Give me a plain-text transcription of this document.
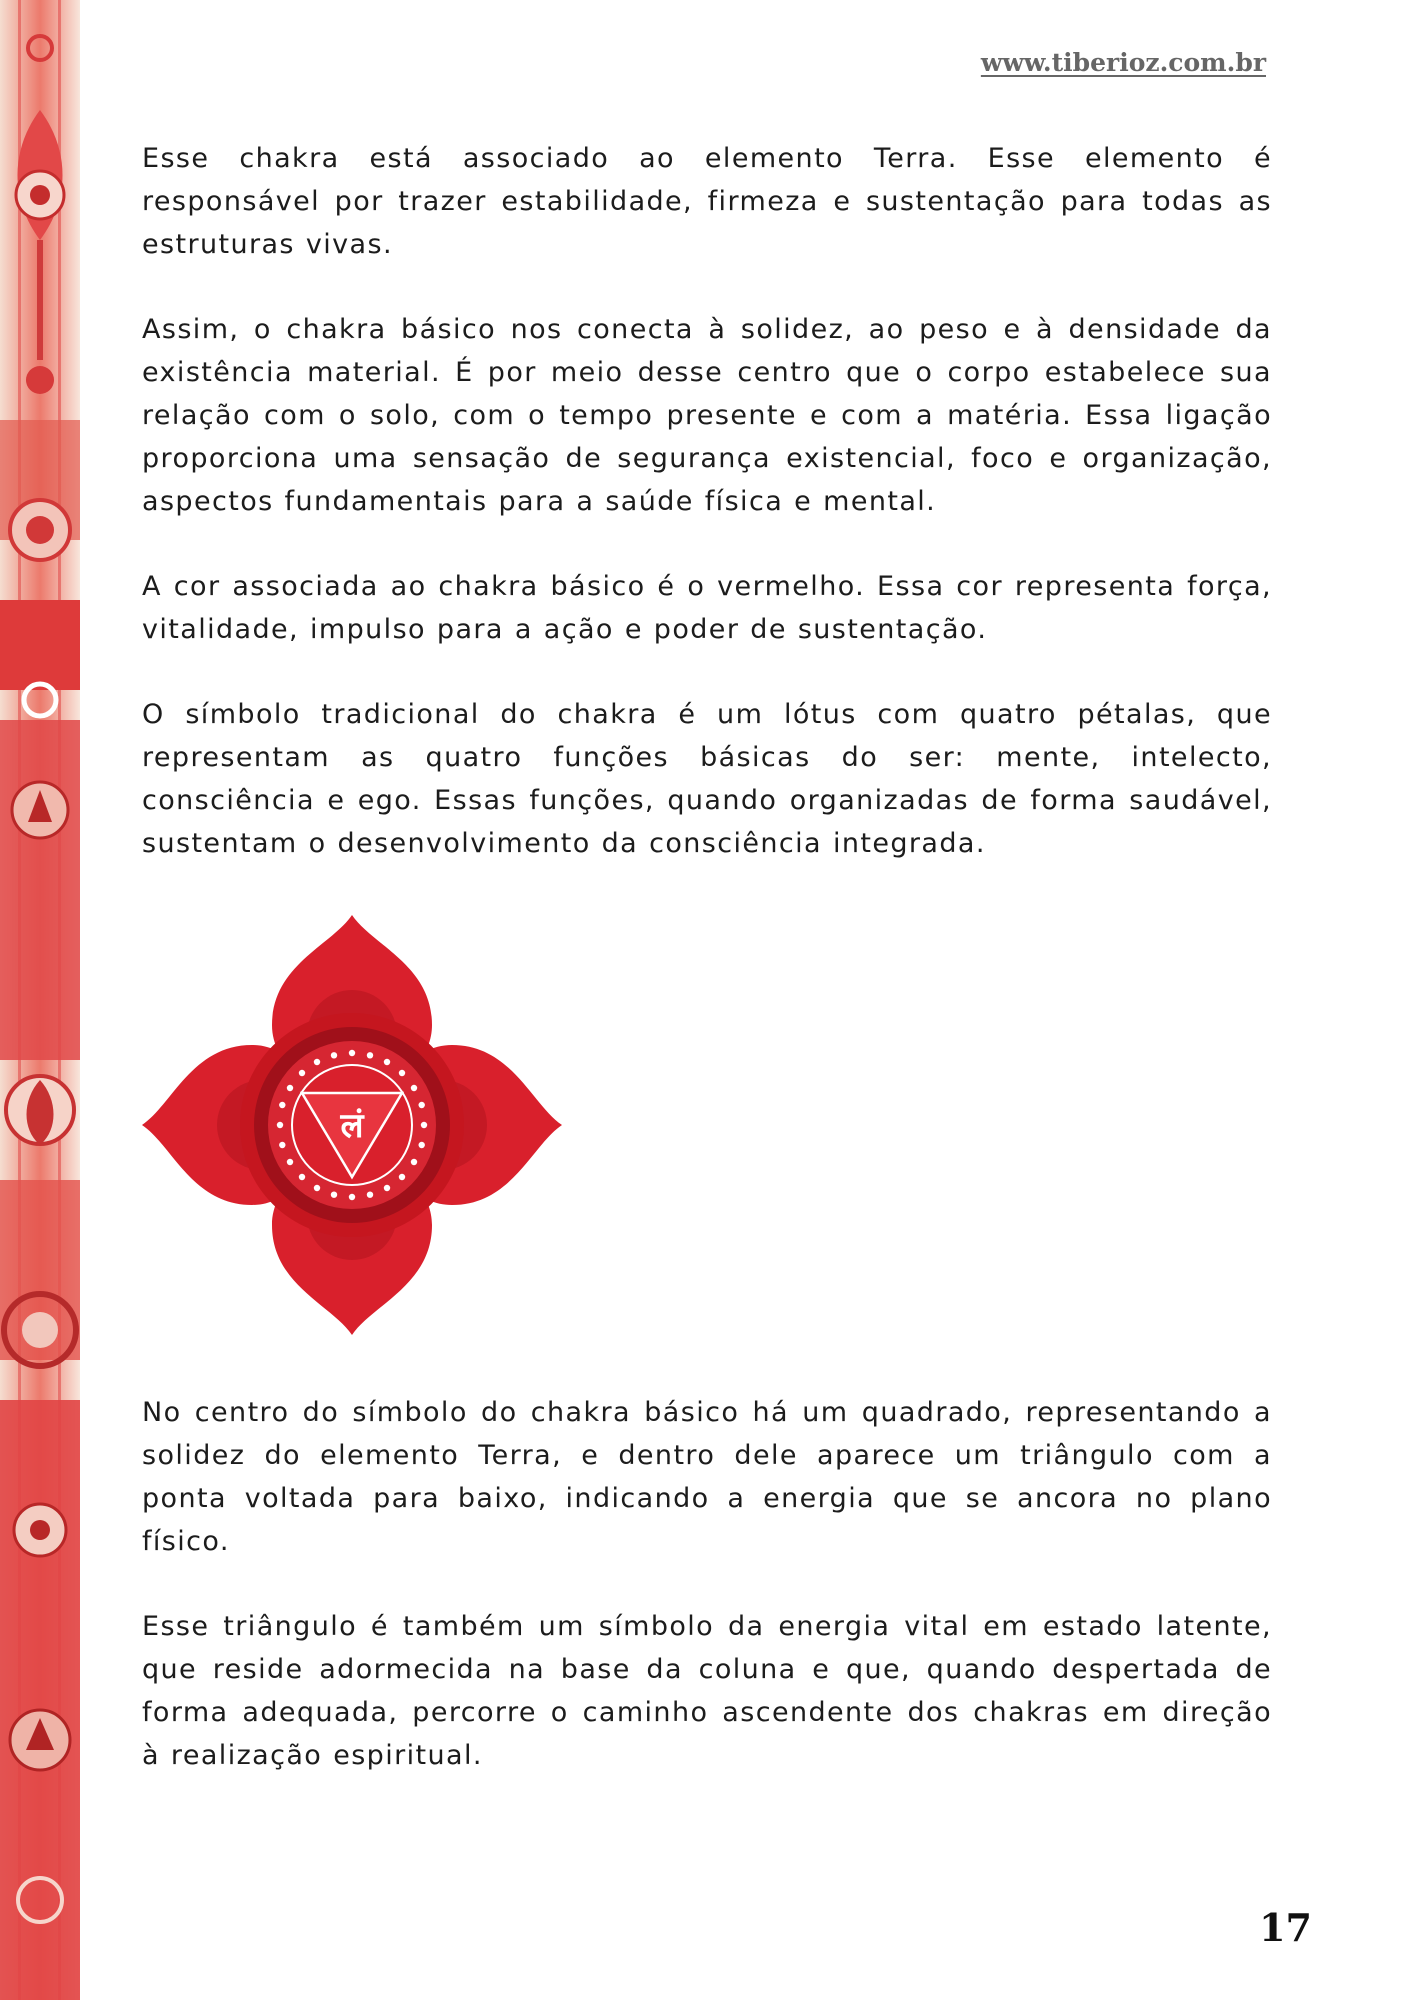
www.tiberioz.com.br

Esse chakra está associado ao elemento Terra. Esse elemento é responsável por trazer estabilidade, firmeza e sustentação para todas as estruturas vivas.

Assim, o chakra básico nos conecta à solidez, ao peso e à densidade da existência material. É por meio desse centro que o corpo estabelece sua relação com o solo, com o tempo presente e com a matéria. Essa ligação proporciona uma sensação de segurança existencial, foco e organização, aspectos fundamentais para a saúde física e mental.

A cor associada ao chakra básico é o vermelho. Essa cor representa força, vitalidade, impulso para a ação e poder de sustentação.

O símbolo tradicional do chakra é um lótus com quatro pétalas, que representam as quatro funções básicas do ser: mente, intelecto, consciência e ego. Essas funções, quando organizadas de forma saudável, sustentam o desenvolvimento da consciência integrada.

लं

No centro do símbolo do chakra básico há um quadrado, representando a solidez do elemento Terra, e dentro dele aparece um triângulo com a ponta voltada para baixo, indicando a energia que se ancora no plano físico.

Esse triângulo é também um símbolo da energia vital em estado latente, que reside adormecida na base da coluna e que, quando despertada de forma adequada, percorre o caminho ascendente dos chakras em direção à realização espiritual.

17
